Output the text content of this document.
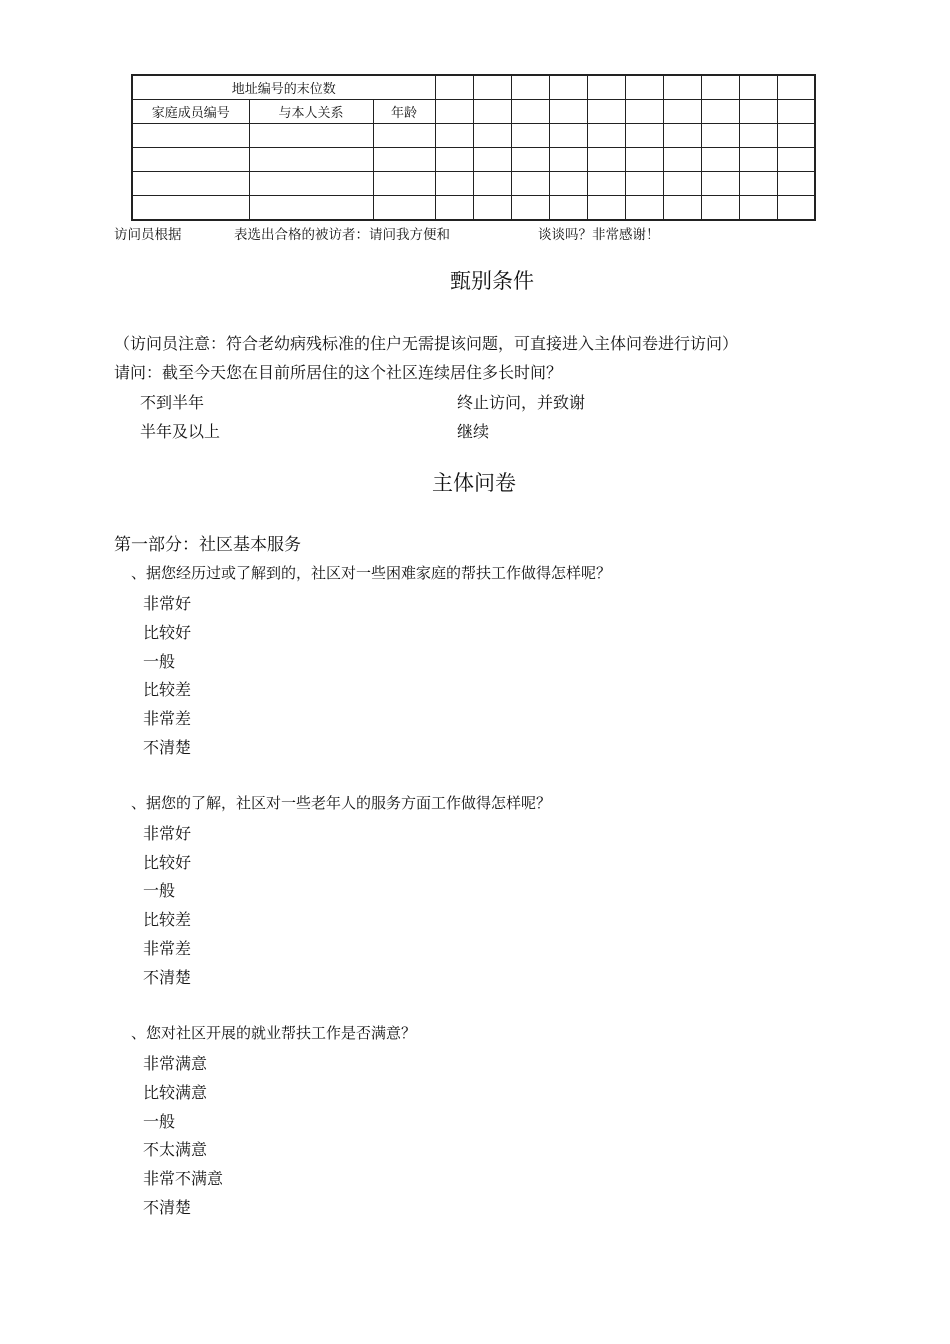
地址编号的末位数												
家庭成员编号	与本人关系	年龄										

访问员根据	表选出合格的被访者：请问我方便和	谈谈吗？非常感谢！
甄别条件
（访问员注意：符合老幼病残标准的住户无需提该问题，可直接进入主体问卷进行访问）
请问：截至今天您在目前所居住的这个社区连续居住多长时间？
不到半年	终止访问，并致谢
半年及以上	继续
主体问卷
第一部分：社区基本服务
、据您经历过或了解到的，社区对一些困难家庭的帮扶工作做得怎样呢？
非常好
比较好
一般
比较差
非常差
不清楚
、据您的了解，社区对一些老年人的服务方面工作做得怎样呢？
非常好
比较好
一般
比较差
非常差
不清楚
、您对社区开展的就业帮扶工作是否满意？
非常满意
比较满意
一般
不太满意
非常不满意
不清楚
